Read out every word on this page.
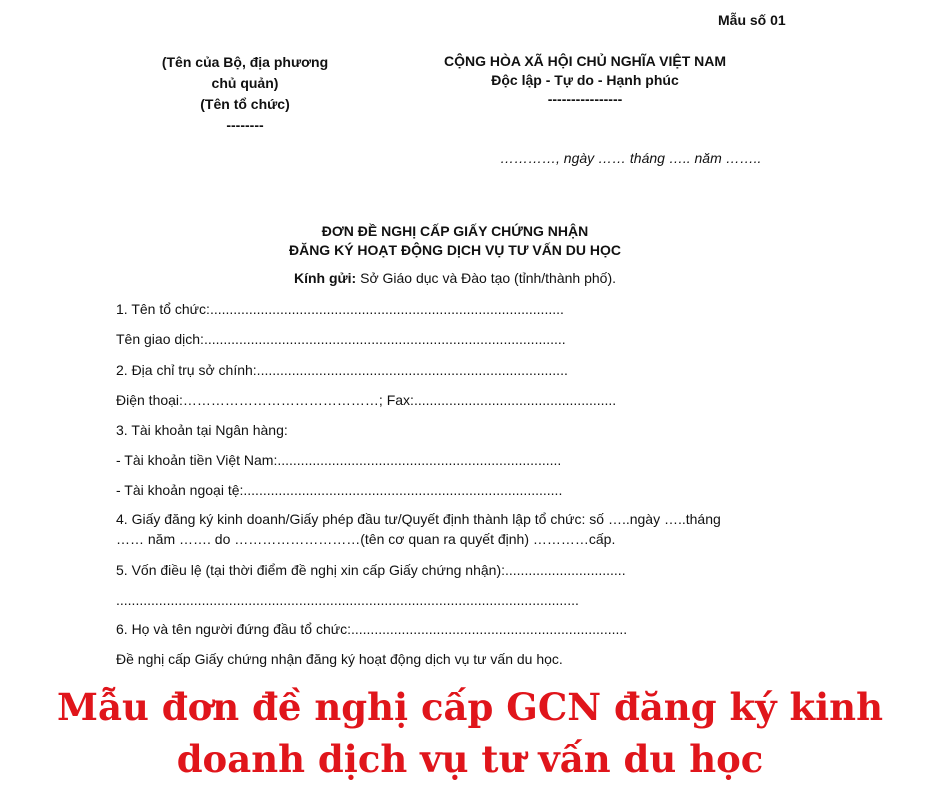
Mẫu số 01
(Tên của Bộ, địa phương
chủ quản)
(Tên tổ chức)
--------
CỘNG HÒA XÃ HỘI CHỦ NGHĨA VIỆT NAM
Độc lập - Tự do - Hạnh phúc
----------------
…………, ngày …… tháng ….. năm ……..
ĐƠN ĐỀ NGHỊ CẤP GIẤY CHỨNG NHẬN
ĐĂNG KÝ HOẠT ĐỘNG DỊCH VỤ TƯ VẤN DU HỌC
Kính gửi: Sở Giáo dục và Đào tạo (tỉnh/thành phố).
1. Tên tổ chức:...........................................................................................
Tên giao dịch:.............................................................................................
2. Địa chỉ trụ sở chính:................................................................................
Điện thoại:……………………………………; Fax:....................................................
3. Tài khoản tại Ngân hàng:
- Tài khoản tiền Việt Nam:.........................................................................
- Tài khoản ngoại tệ:..................................................................................
4. Giấy đăng ký kinh doanh/Giấy phép đầu tư/Quyết định thành lập tổ chức: số …..ngày …..tháng
…… năm ……. do ………………………(tên cơ quan ra quyết định) …………cấp.
5. Vốn điều lệ (tại thời điểm đề nghị xin cấp Giấy chứng nhận):...............................
.......................................................................................................................
6. Họ và tên người đứng đầu tổ chức:.......................................................................
Đề nghị cấp Giấy chứng nhận đăng ký hoạt động dịch vụ tư vấn du học.
Mẫu đơn đề nghị cấp GCN đăng ký kinh
doanh dịch vụ tư vấn du học
